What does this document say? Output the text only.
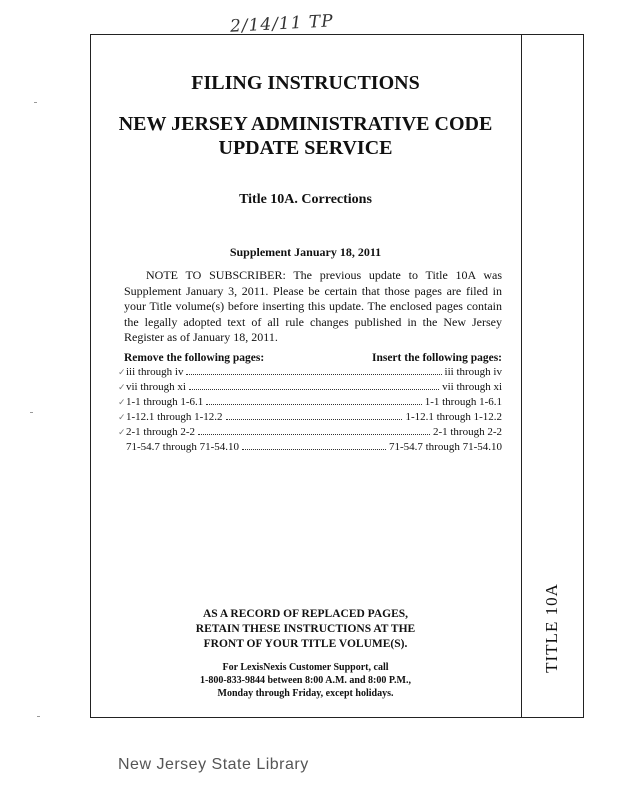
2/14/11 TP
TITLE 10A
FILING INSTRUCTIONS
NEW JERSEY ADMINISTRATIVE CODE
UPDATE SERVICE
Title 10A. Corrections
Supplement January 18, 2011
NOTE TO SUBSCRIBER: The previous update to Title 10A was Supplement January 3, 2011. Please be certain that those pages are filed in your Title volume(s) before inserting this update. The enclosed pages contain the legally adopted text of all rule changes published in the New Jersey Register as of January 18, 2011.
Remove the following pages:	Insert the following pages:
✓ iii through iv	iii through iv
✓ vii through xi	vii through xi
✓ 1-1 through 1-6.1	1-1 through 1-6.1
✓ 1-12.1 through 1-12.2	1-12.1 through 1-12.2
✓ 2-1 through 2-2	2-1 through 2-2
71-54.7 through 71-54.10	71-54.7 through 71-54.10
AS A RECORD OF REPLACED PAGES,
RETAIN THESE INSTRUCTIONS AT THE
FRONT OF YOUR TITLE VOLUME(S).
For LexisNexis Customer Support, call
1-800-833-9844 between 8:00 A.M. and 8:00 P.M.,
Monday through Friday, except holidays.
New Jersey State Library
